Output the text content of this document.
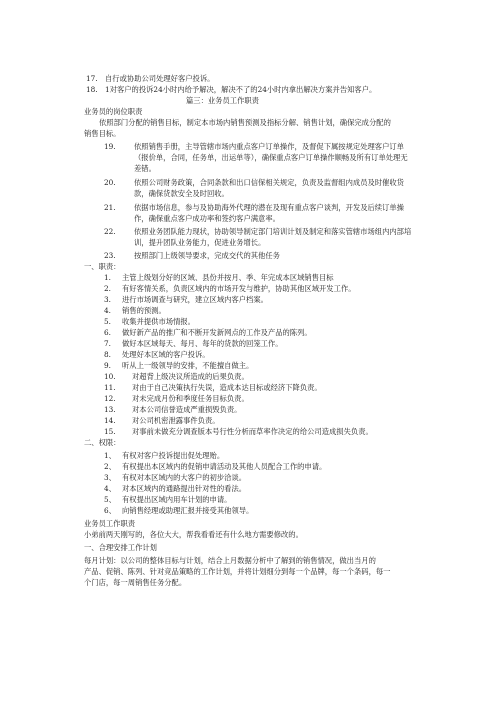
17. 自行或协助公司处理好客户投诉。
18. 1对客户的投诉24小时内给予解决，解决不了的24小时内拿出解决方案并告知客户。
篇三：业务员工作职责
业务员的岗位职责
依照部门分配的销售目标，制定本市场内销售预测及指标分解、销售计划，确保完成分配的
销售目标。
19.	依照销售手册，主导管辖市场内重点客户订单操作，及督促下属按规定处理客户订单
（报价单，合同，任务单，出运单等），确保重点客户订单操作顺畅及所有订单处理无
差错。
20.	依照公司财务政策，合同条款和出口信保相关规定，负责及监督组内成员及时催收货
款，确保货款安全及时回收。
21.	依据市场信息，参与及协助海外代理的潜在及现有重点客户谈判，开发及后续订单操
作，确保重点客户成功率和签约客户满意率。
22.	依照业务团队能力现状，协助领导制定部门培训计划及制定和落实管辖市场组内内部培
训，提升团队业务能力，促进业务增长。
23.	按照部门上级领导要求，完成交代的其他任务
一、职责：
1. 主管上级划分好的区域、县份并按月、季、年完成本区域销售目标
2. 有好客情关系，负责区域内的市场开发与维护，协助其他区域开发工作。
3. 进行市场调查与研究，建立区域内客户档案。
4. 销售的预测。
5. 收集并提供市场情报。
6. 做好新产品的推广和不断开发新网点的工作及产品的陈列。
7. 做好本区域每天、每月、每年的货款的回笼工作。
8. 处理好本区域的客户投诉。
9. 听从上一级领导的安排，不能擅自做主。
10. 对超背上级决议所造成的后果负责。
11. 对由于自己决策执行失误，造成本达目标或经济下降负责。
12. 对未完成月份和季度任务目标负责。
13. 对本公司信誉造成严重损毁负责。
14. 对公司机密泄露事件负责。
15. 对事前未做充分调查版本号行性分析而草率作决定的给公司造成损失负责。
二、权限：
1、 有权对客户投诉提出促处理贻。
2、 有权提出本区域内的促销申请活动及其他人员配合工作的申请。
3、 有权对本区域内的大客户的初步洽谈。
4、 对本区域内的通路提出针对性的看法。
5、 有权提出区域内用车计划的申请。
6、 向销售经理或助理汇报并接受其他领导。
业务员工作职责
小弟前两天刚写的，各位大大，帮我看看还有什么地方需要修改的。
一、合理安排工作计划
每月计划：以公司的整体目标与计划，结合上月数据分析中了解到的销售情况，做出当月的
产品、促销、陈列、针对竞品策略的工作计划，并将计划细分到每一个品牌，每一个条码，每一
个门店，每一周销售任务分配。
